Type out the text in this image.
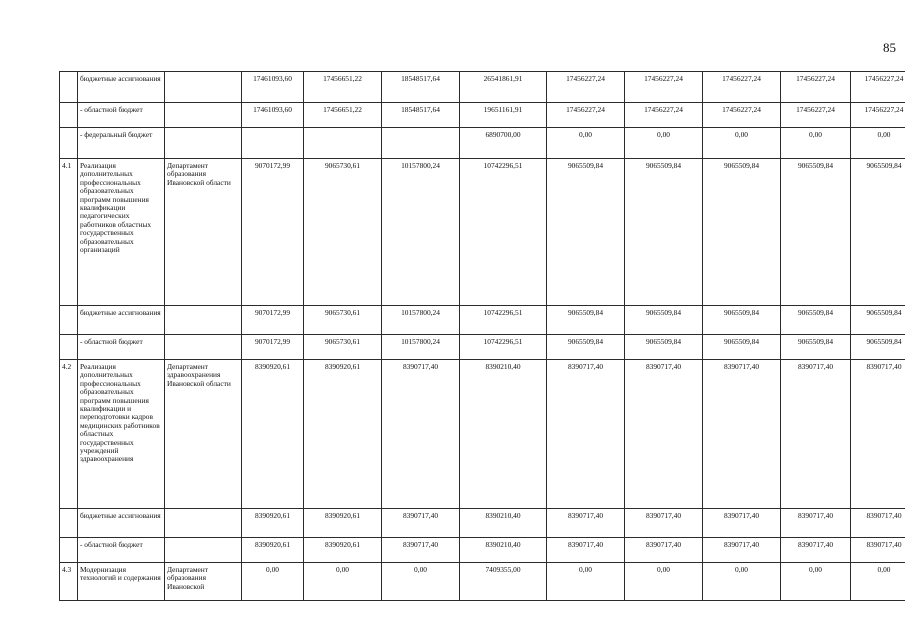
85
	бюджетные ассигнования		17461093,60	17456651,22	18548517,64	26541861,91	17456227,24	17456227,24	17456227,24	17456227,24	17456227,24
	- областной бюджет		17461093,60	17456651,22	18548517,64	19651161,91	17456227,24	17456227,24	17456227,24	17456227,24	17456227,24
	- федеральный бюджет					6890700,00	0,00	0,00	0,00	0,00	0,00
4.1	Реализация дополнительных профессиональных образовательных программ повышения квалификации педагогических работников областных государственных образовательных организаций	Департамент образования Ивановской области	9070172,99	9065730,61	10157800,24	10742296,51	9065509,84	9065509,84	9065509,84	9065509,84	9065509,84
	бюджетные ассигнования		9070172,99	9065730,61	10157800,24	10742296,51	9065509,84	9065509,84	9065509,84	9065509,84	9065509,84
	- областной бюджет		9070172,99	9065730,61	10157800,24	10742296,51	9065509,84	9065509,84	9065509,84	9065509,84	9065509,84
4.2	Реализация дополнительных профессиональных образовательных программ повышения квалификации и переподготовки кадров медицинских работников областных государственных учреждений здравоохранения	Департамент здравоохранения Ивановской области	8390920,61	8390920,61	8390717,40	8390210,40	8390717,40	8390717,40	8390717,40	8390717,40	8390717,40
	бюджетные ассигнования		8390920,61	8390920,61	8390717,40	8390210,40	8390717,40	8390717,40	8390717,40	8390717,40	8390717,40
	- областной бюджет		8390920,61	8390920,61	8390717,40	8390210,40	8390717,40	8390717,40	8390717,40	8390717,40	8390717,40
4.3	Модернизация технологий и содержания	Департамент образования Ивановской	0,00	0,00	0,00	7409355,00	0,00	0,00	0,00	0,00	0,00
